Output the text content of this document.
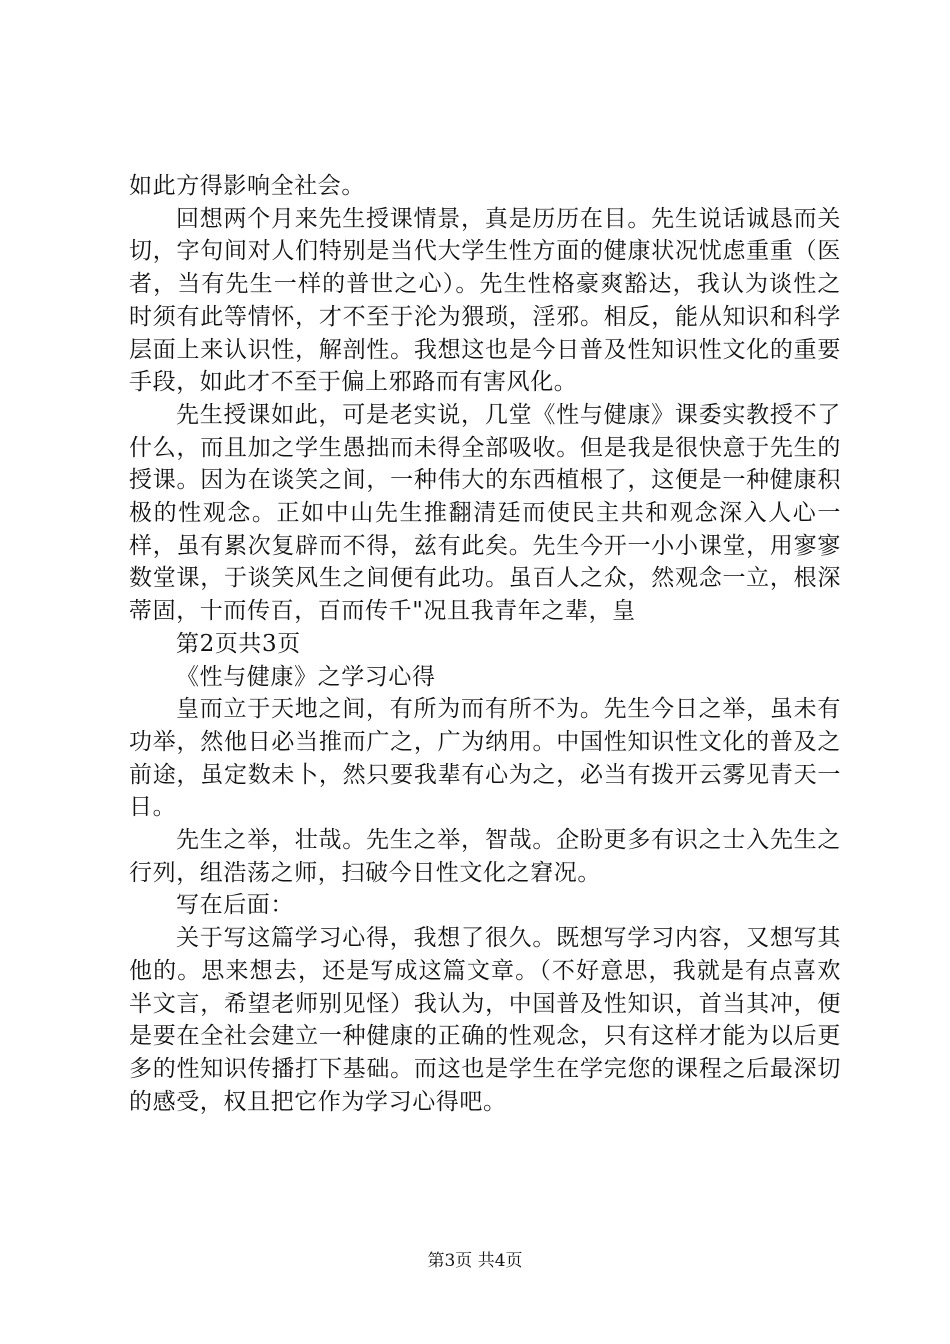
如此方得影响全社会。

回想两个月来先生授课情景，真是历历在目。先生说话诚恳而关切，字句间对人们特别是当代大学生性方面的健康状况忧虑重重（医者，当有先生一样的普世之心）。先生性格豪爽豁达，我认为谈性之时须有此等情怀，才不至于沦为猥琐，淫邪。相反，能从知识和科学层面上来认识性，解剖性。我想这也是今日普及性知识性文化的重要手段，如此才不至于偏上邪路而有害风化。

先生授课如此，可是老实说，几堂《性与健康》课委实教授不了什么，而且加之学生愚拙而未得全部吸收。但是我是很快意于先生的授课。因为在谈笑之间，一种伟大的东西植根了，这便是一种健康积极的性观念。正如中山先生推翻清廷而使民主共和观念深入人心一样，虽有累次复辟而不得，兹有此矣。先生今开一小小课堂，用寥寥数堂课，于谈笑风生之间便有此功。虽百人之众，然观念一立，根深蒂固，十而传百，百而传千"况且我青年之辈，皇

第2页共3页

《性与健康》之学习心得

皇而立于天地之间，有所为而有所不为。先生今日之举，虽未有功举，然他日必当推而广之，广为纳用。中国性知识性文化的普及之前途，虽定数未卜，然只要我辈有心为之，必当有拨开云雾见青天一日。

先生之举，壮哉。先生之举，智哉。企盼更多有识之士入先生之行列，组浩荡之师，扫破今日性文化之窘况。

写在后面：

关于写这篇学习心得，我想了很久。既想写学习内容，又想写其他的。思来想去，还是写成这篇文章。（不好意思，我就是有点喜欢半文言，希望老师别见怪）我认为，中国普及性知识，首当其冲，便是要在全社会建立一种健康的正确的性观念，只有这样才能为以后更多的性知识传播打下基础。而这也是学生在学完您的课程之后最深切的感受，权且把它作为学习心得吧。

第3页 共4页
